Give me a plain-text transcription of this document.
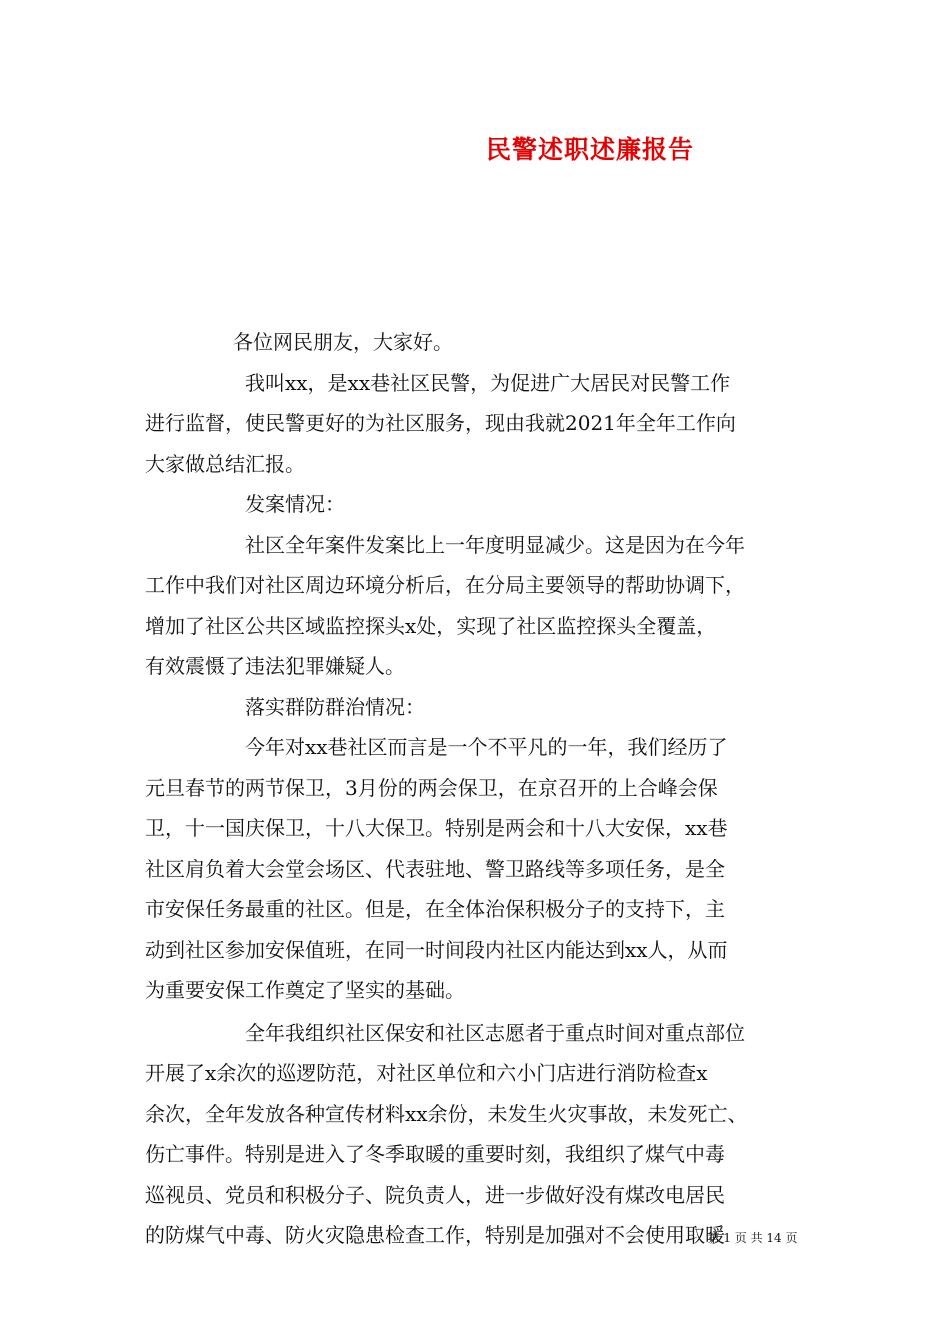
民警述职述廉报告
各位网民朋友，大家好。
我叫xx，是xx巷社区民警，为促进广大居民对民警工作
进行监督，使民警更好的为社区服务，现由我就2021年全年工作向
大家做总结汇报。
发案情况：
社区全年案件发案比上一年度明显减少。这是因为在今年
工作中我们对社区周边环境分析后，在分局主要领导的帮助协调下，
增加了社区公共区域监控探头x处，实现了社区监控探头全覆盖，
有效震慑了违法犯罪嫌疑人。
落实群防群治情况：
今年对xx巷社区而言是一个不平凡的一年，我们经历了
元旦春节的两节保卫，3月份的两会保卫，在京召开的上合峰会保
卫，十一国庆保卫，十八大保卫。特别是两会和十八大安保，xx巷
社区肩负着大会堂会场区、代表驻地、警卫路线等多项任务，是全
市安保任务最重的社区。但是，在全体治保积极分子的支持下，主
动到社区参加安保值班，在同一时间段内社区内能达到xx人，从而
为重要安保工作奠定了坚实的基础。
全年我组织社区保安和社区志愿者于重点时间对重点部位
开展了x余次的巡逻防范，对社区单位和六小门店进行消防检查x
余次，全年发放各种宣传材料xx余份，未发生火灾事故，未发死亡、
伤亡事件。特别是进入了冬季取暖的重要时刻，我组织了煤气中毒
巡视员、党员和积极分子、院负责人，进一步做好没有煤改电居民
的防煤气中毒、防火灾隐患检查工作，特别是加强对不会使用取暖
第 1 页 共 14 页
